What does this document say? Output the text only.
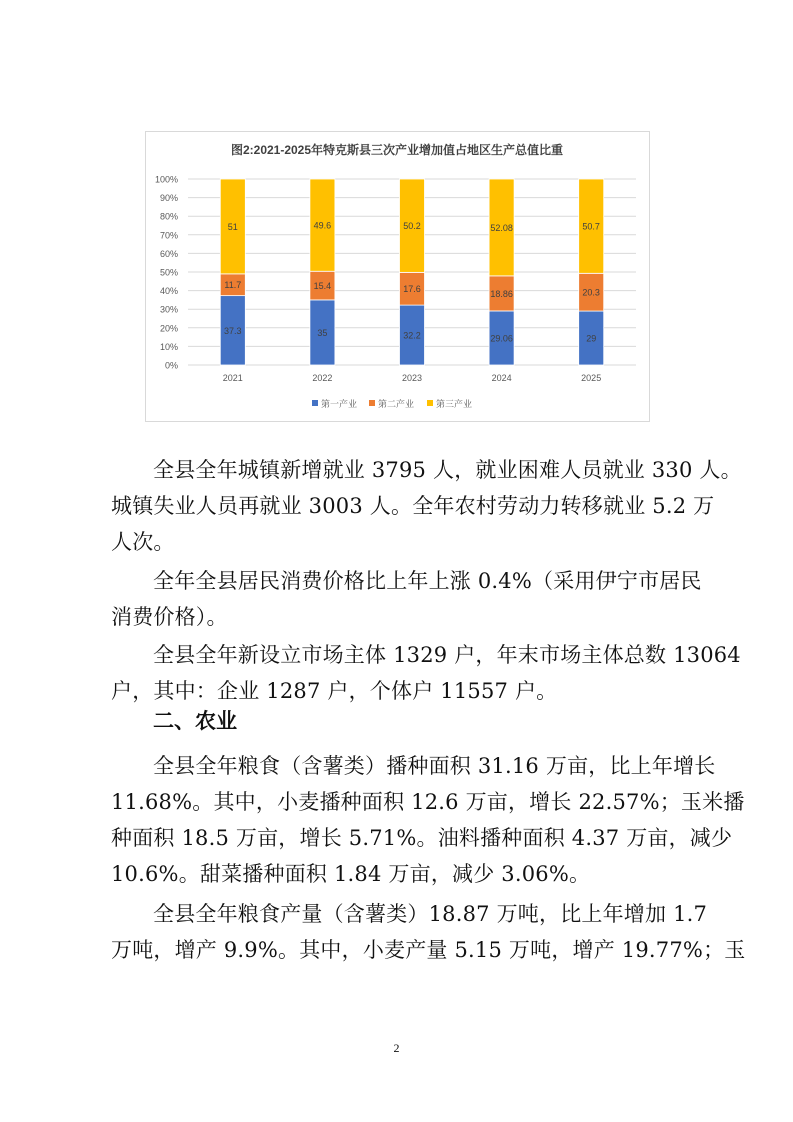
图2:2021-2025年特克斯县三次产业增加值占地区生产总值比重
0%
10%
20%
30%
40%
50%
60%
70%
80%
90%
100%
37.3
11.7
51
2021
35
15.4
49.6
2022
32.2
17.6
50.2
2023
29.06
18.86
52.08
2024
29
20.3
50.7
2025
第一产业 第二产业 第三产业
全县全年城镇新增就业 3795 人，就业困难人员就业 330 人。
城镇失业人员再就业 3003 人。全年农村劳动力转移就业 5.2 万
人次。
全年全县居民消费价格比上年上涨 0.4%（采用伊宁市居民
消费价格）。
全县全年新设立市场主体 1329 户，年末市场主体总数 13064
户，其中：企业 1287 户，个体户 11557 户。
二、农业
全县全年粮食（含薯类）播种面积 31.16 万亩，比上年增长
11.68%。其中，小麦播种面积 12.6 万亩，增长 22.57%；玉米播
种面积 18.5 万亩，增长 5.71%。油料播种面积 4.37 万亩，减少
10.6%。甜菜播种面积 1.84 万亩，减少 3.06%。
全县全年粮食产量（含薯类）18.87 万吨，比上年增加 1.7
万吨，增产 9.9%。其中，小麦产量 5.15 万吨，增产 19.77%；玉
2
